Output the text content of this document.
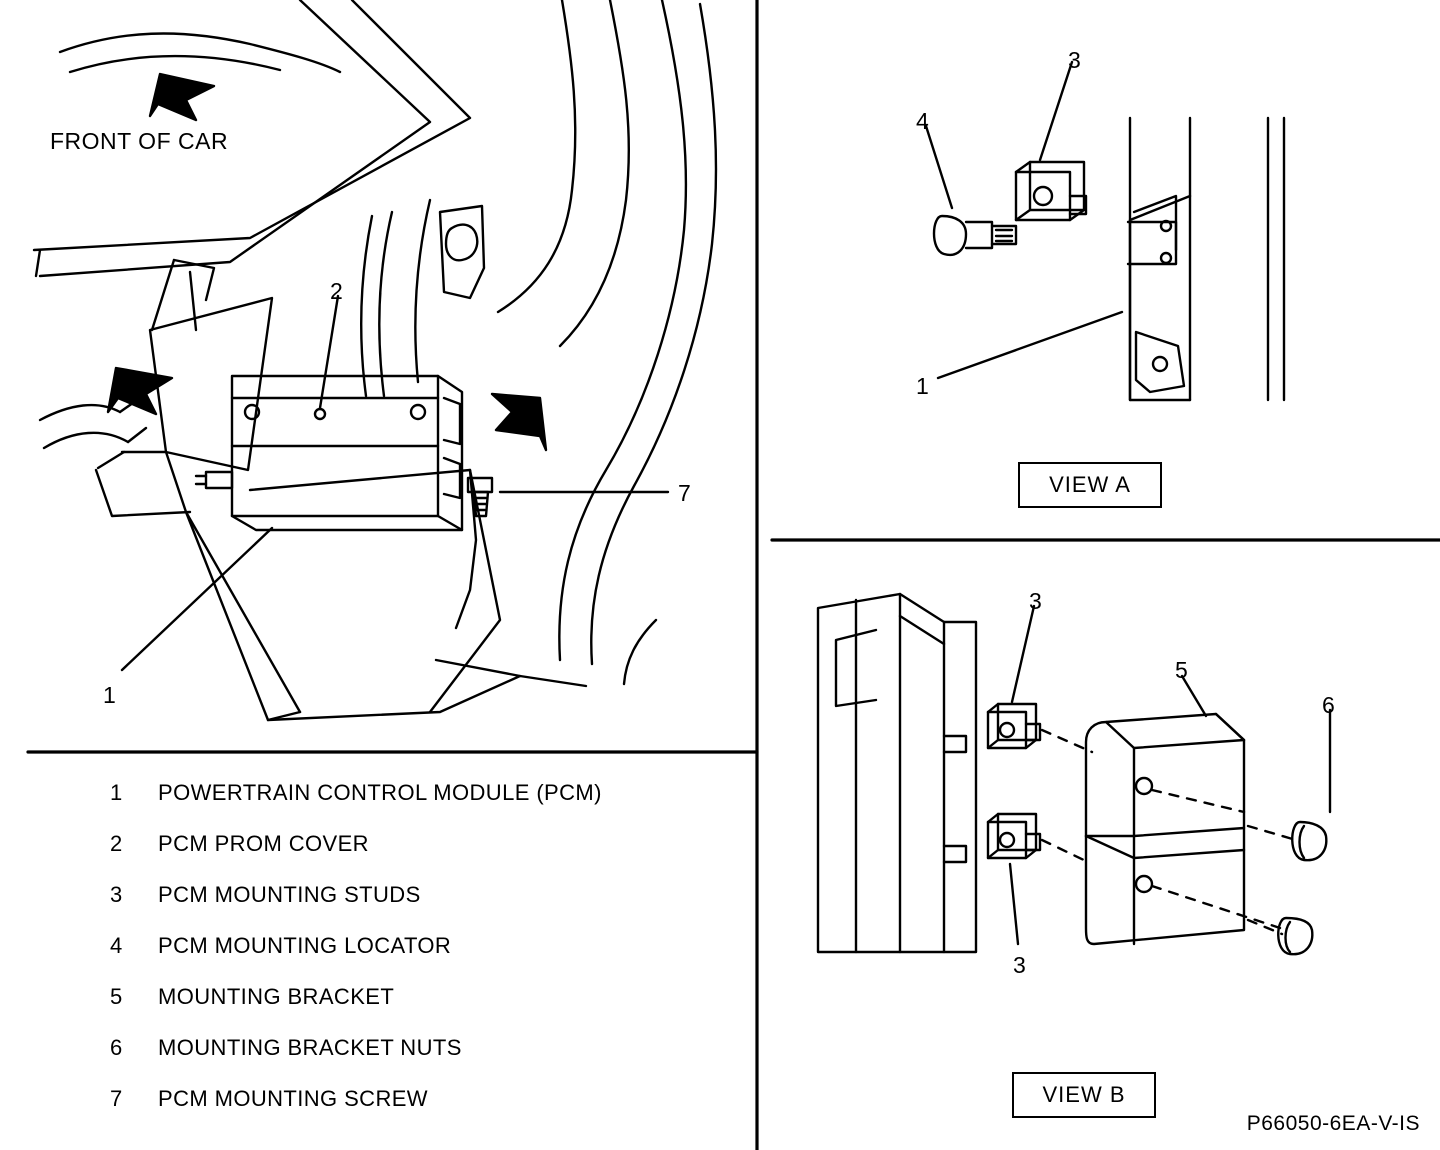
FRONT OF CAR
2
7
1
4
3
1
3
5
6
3
VIEW A
VIEW B
P66050-6EA-V-IS
1	POWERTRAIN CONTROL MODULE (PCM)
2	PCM PROM COVER
3	PCM MOUNTING STUDS
4	PCM MOUNTING LOCATOR
5	MOUNTING BRACKET
6	MOUNTING BRACKET NUTS
7	PCM MOUNTING SCREW
